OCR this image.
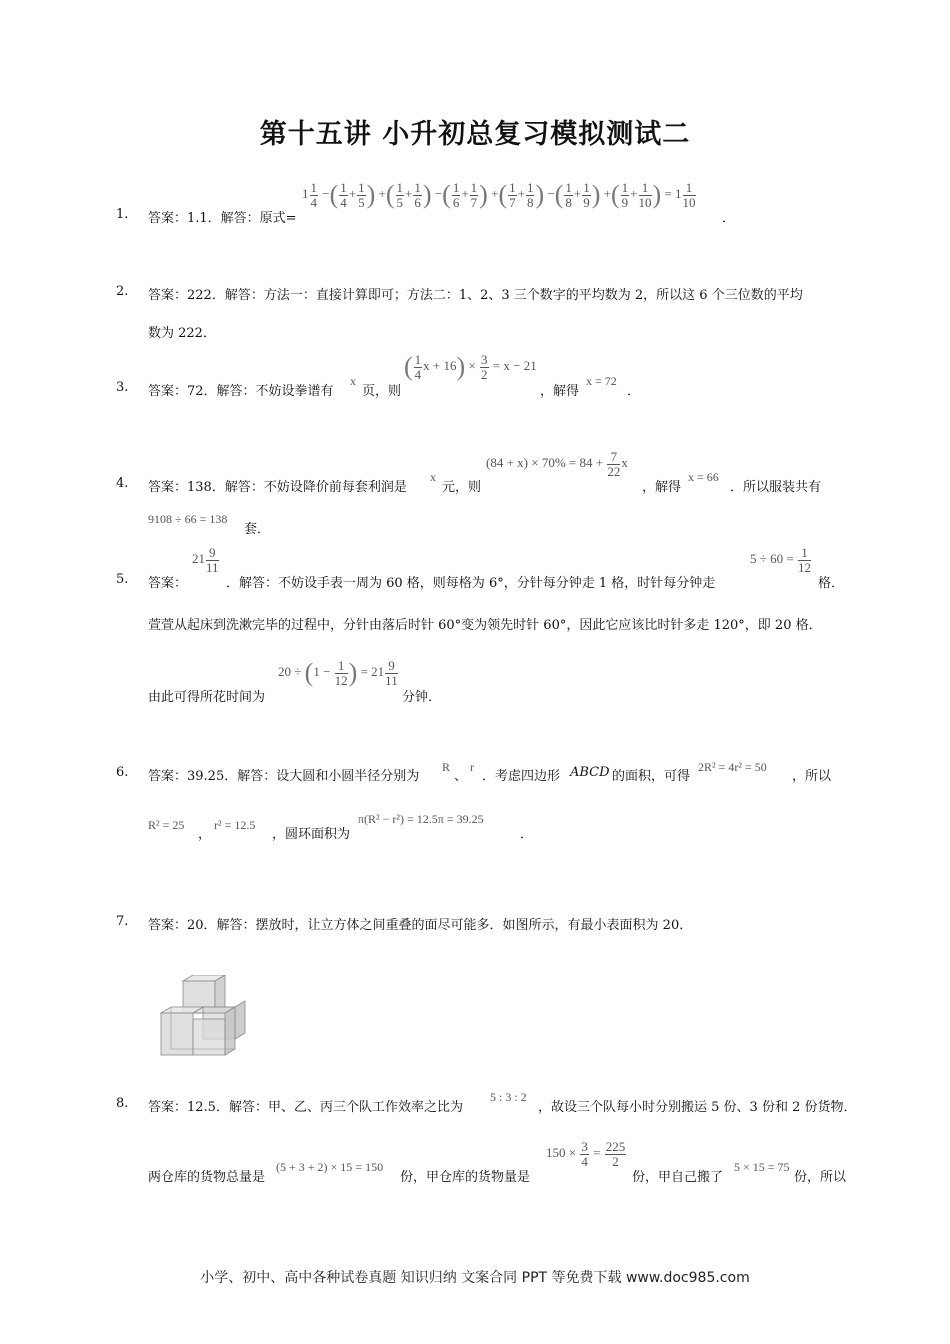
第十五讲 小升初总复习模拟测试二
1. 答案：1.1．解答：原式=
$1 \frac{1}{4}$ −( $\frac{1}{4} + \frac{1}{5}$ ) +( $\frac{1}{5} + \frac{1}{6}$ ) −( $\frac{1}{6} + \frac{1}{7}$ ) +( $\frac{1}{7} + \frac{1}{8}$ ) −( $\frac{1}{8} + \frac{1}{9}$ ) +( $\frac{1}{9} + \frac{1}{10}$ ) = $1 \frac{1}{10}$
．
2. 答案：222．解答：方法一：直接计算即可；方法二：1、2、3 三个数字的平均数为 2，所以这 6 个三位数的平均
数为 222．
3. 答案：72．解答：不妨设拳谱有
x
页，则
( $\frac{1}{4}$ $x + 16) \times \frac{3}{2} = x - 21$
，解得
x = 72
．
4. 答案：138．解答：不妨设降价前每套利润是
x
元，则
$(84 + x) \times 70\% = 84 + \frac{7}{22}$ x
，解得
x = 66
．所以服装共有
9108 ÷ 66 = 138
套．
5. 答案：
$21 \frac{9}{11}$
．解答：不妨设手表一周为 60 格，则每格为 6°，分针每分钟走 1 格，时针每分钟走
$5 \div 60 = \frac{1}{12}$
格．
萱萱从起床到洗漱完毕的过程中，分针由落后时针 60°变为领先时针 60°，因此它应该比时针多走 120°，即 20 格．
由此可得所花时间为
$20 \div (1 - \frac{1}{12}$ ) = $21 \frac{9}{11}$
分钟．
6. 答案：39.25．解答：设大圆和小圆半径分别为
R
、
r
．考虑四边形 ABCD 的面积，可得
2R² = 4r² = 50
，所以
R² = 25
，
r² = 12.5
，圆环面积为
π(R² − r²) = 12.5π = 39.25
．
7. 答案：20．解答：摆放时，让立方体之间重叠的面尽可能多．如图所示，有最小表面积为 20．
8. 答案：12.5．解答：甲、乙、丙三个队工作效率之比为
5 : 3 : 2
，故设三个队每小时分别搬运 5 份、3 份和 2 份货物．
两仓库的货物总量是
(5 + 3 + 2) × 15 = 150
份，甲仓库的货物量是
$150 \times \frac{3}{4} = \frac{225}{2}$
份，甲自己搬了
5 × 15 = 75
份，所以
小学、初中、高中各种试卷真题 知识归纳 文案合同 PPT 等免费下载 www.doc985.com
